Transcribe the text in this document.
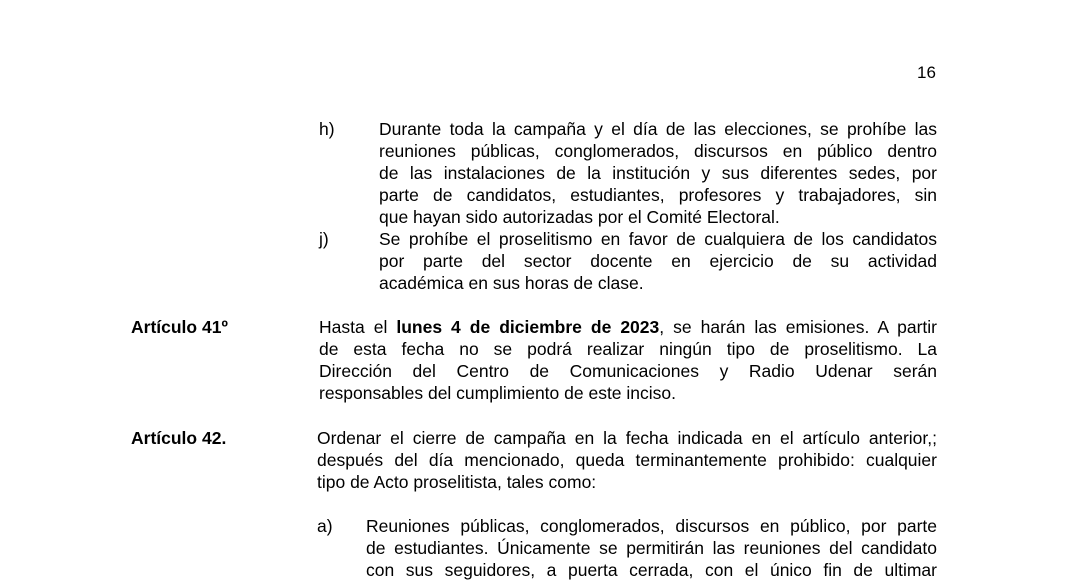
16
h)	Durante toda la campaña y el día de las elecciones, se prohíbe las
reuniones públicas, conglomerados, discursos en público dentro
de las instalaciones de la institución y sus diferentes sedes, por
parte de candidatos, estudiantes, profesores y trabajadores, sin
que hayan sido autorizadas por el Comité Electoral.
j)	Se prohíbe el proselitismo en favor de cualquiera de los candidatos
por parte del sector docente en ejercicio de su actividad
académica en sus horas de clase.
Artículo 41º	Hasta el lunes 4 de diciembre de 2023, se harán las emisiones. A partir
de esta fecha no se podrá realizar ningún tipo de proselitismo. La
Dirección del Centro de Comunicaciones y Radio Udenar serán
responsables del cumplimiento de este inciso.
Artículo 42.	Ordenar el cierre de campaña en la fecha indicada en el artículo anterior,;
después del día mencionado, queda terminantemente prohibido: cualquier
tipo de Acto proselitista, tales como:
a) Reuniones públicas, conglomerados, discursos en público, por parte
de estudiantes. Únicamente se permitirán las reuniones del candidato
con sus seguidores, a puerta cerrada, con el único fin de ultimar
